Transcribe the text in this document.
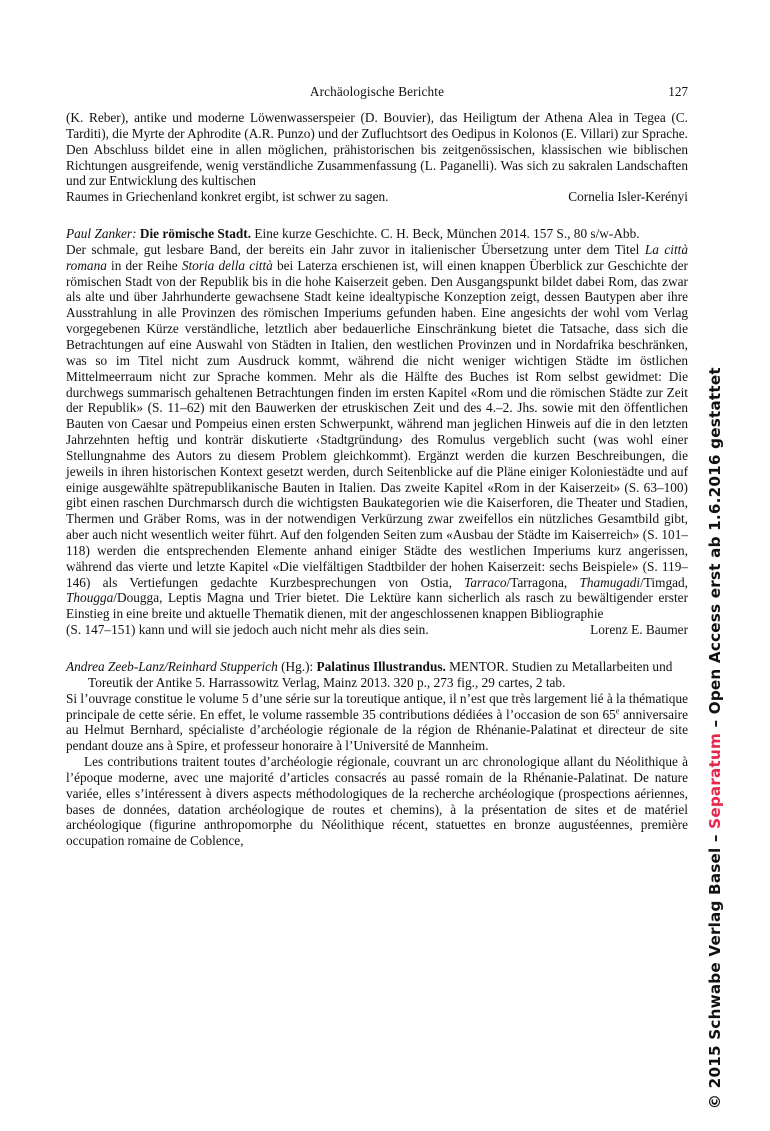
Archäologische Berichte	127

(K. Reber), antike und moderne Löwenwasserspeier (D. Bouvier), das Heiligtum der Athena Alea in Tegea (C. Tarditi), die Myrte der Aphrodite (A.R. Punzo) und der Zufluchtsort des Oedipus in Kolonos (E. Villari) zur Sprache. Den Abschluss bildet eine in allen möglichen, prähistorischen bis zeitgenössischen, klassischen wie biblischen Richtungen ausgreifende, wenig verständliche Zusammenfassung (L. Paganelli). Was sich zu sakralen Landschaften und zur Entwicklung des kultischen

Raumes in Griechenland konkret ergibt, ist schwer zu sagen.	Cornelia Isler-Kerényi

Paul Zanker: Die römische Stadt. Eine kurze Geschichte. C. H. Beck, München 2014. 157 S., 80 s/w-Abb.

Der schmale, gut lesbare Band, der bereits ein Jahr zuvor in italienischer Übersetzung unter dem Titel La città romana in der Reihe Storia della città bei Laterza erschienen ist, will einen knappen Überblick zur Geschichte der römischen Stadt von der Republik bis in die hohe Kaiserzeit geben. Den Ausgangspunkt bildet dabei Rom, das zwar als alte und über Jahrhunderte gewachsene Stadt keine idealtypische Konzeption zeigt, dessen Bautypen aber ihre Ausstrahlung in alle Provinzen des römischen Imperiums gefunden haben. Eine angesichts der wohl vom Verlag vorgegebenen Kürze verständliche, letztlich aber bedauerliche Einschränkung bietet die Tatsache, dass sich die Betrachtungen auf eine Auswahl von Städten in Italien, den westlichen Provinzen und in Nordafrika beschränken, was so im Titel nicht zum Ausdruck kommt, während die nicht weniger wichtigen Städte im östlichen Mittelmeerraum nicht zur Sprache kommen. Mehr als die Hälfte des Buches ist Rom selbst gewidmet: Die durchwegs summarisch gehaltenen Betrachtungen finden im ersten Kapitel «Rom und die römischen Städte zur Zeit der Republik» (S. 11–62) mit den Bauwerken der etruskischen Zeit und des 4.–2. Jhs. sowie mit den öffentlichen Bauten von Caesar und Pompeius einen ersten Schwerpunkt, während man jeglichen Hinweis auf die in den letzten Jahrzehnten heftig und konträr diskutierte ‹Stadtgründung› des Romulus vergeblich sucht (was wohl einer Stellungnahme des Autors zu diesem Problem gleichkommt). Ergänzt werden die kurzen Beschreibungen, die jeweils in ihren historischen Kontext gesetzt werden, durch Seitenblicke auf die Pläne einiger Koloniestädte und auf einige ausgewählte spätrepublikanische Bauten in Italien. Das zweite Kapitel «Rom in der Kaiserzeit» (S. 63–100) gibt einen raschen Durchmarsch durch die wichtigsten Baukategorien wie die Kaiserforen, die Theater und Stadien, Thermen und Gräber Roms, was in der notwendigen Verkürzung zwar zweifellos ein nützliches Gesamtbild gibt, aber auch nicht wesentlich weiter führt. Auf den folgenden Seiten zum «Ausbau der Städte im Kaiserreich» (S. 101–118) werden die entsprechenden Elemente anhand einiger Städte des westlichen Imperiums kurz angerissen, während das vierte und letzte Kapitel «Die vielfältigen Stadtbilder der hohen Kaiserzeit: sechs Beispiele» (S. 119–146) als Vertiefungen gedachte Kurzbesprechungen von Ostia, Tarraco/Tarragona, Thamugadi/Timgad, Thougga/Dougga, Leptis Magna und Trier bietet. Die Lektüre kann sicherlich als rasch zu bewältigender erster Einstieg in eine breite und aktuelle Thematik dienen, mit der angeschlossenen knappen Bibliographie

(S. 147–151) kann und will sie jedoch auch nicht mehr als dies sein.	Lorenz E. Baumer

Andrea Zeeb-Lanz/Reinhard Stupperich (Hg.): Palatinus Illustrandus. MENTOR. Studien zu Metallarbeiten und Toreutik der Antike 5. Harrassowitz Verlag, Mainz 2013. 320 p., 273 fig., 29 cartes, 2 tab.

Si l’ouvrage constitue le volume 5 d’une série sur la toreutique antique, il n’est que très largement lié à la thématique principale de cette série. En effet, le volume rassemble 35 contributions dédiées à l’occasion de son 65e anniversaire au Helmut Bernhard, spécialiste d’archéologie régionale de la région de Rhénanie-Palatinat et directeur de site pendant douze ans à Spire, et professeur honoraire à l’Université de Mannheim.

Les contributions traitent toutes d’archéologie régionale, couvrant un arc chronologique allant du Néolithique à l’époque moderne, avec une majorité d’articles consacrés au passé romain de la Rhénanie-Palatinat. De nature variée, elles s’intéressent à divers aspects méthodologiques de la recherche archéologique (prospections aériennes, bases de données, datation archéologique de routes et chemins), à la présentation de sites et de matériel archéologique (figurine anthropomorphe du Néolithique récent, statuettes en bronze augustéennes, première occupation romaine de Coblence,	© 2015 Schwabe Verlag Basel – Separatum – Open Access erst ab 1.6.2016 gestattet
